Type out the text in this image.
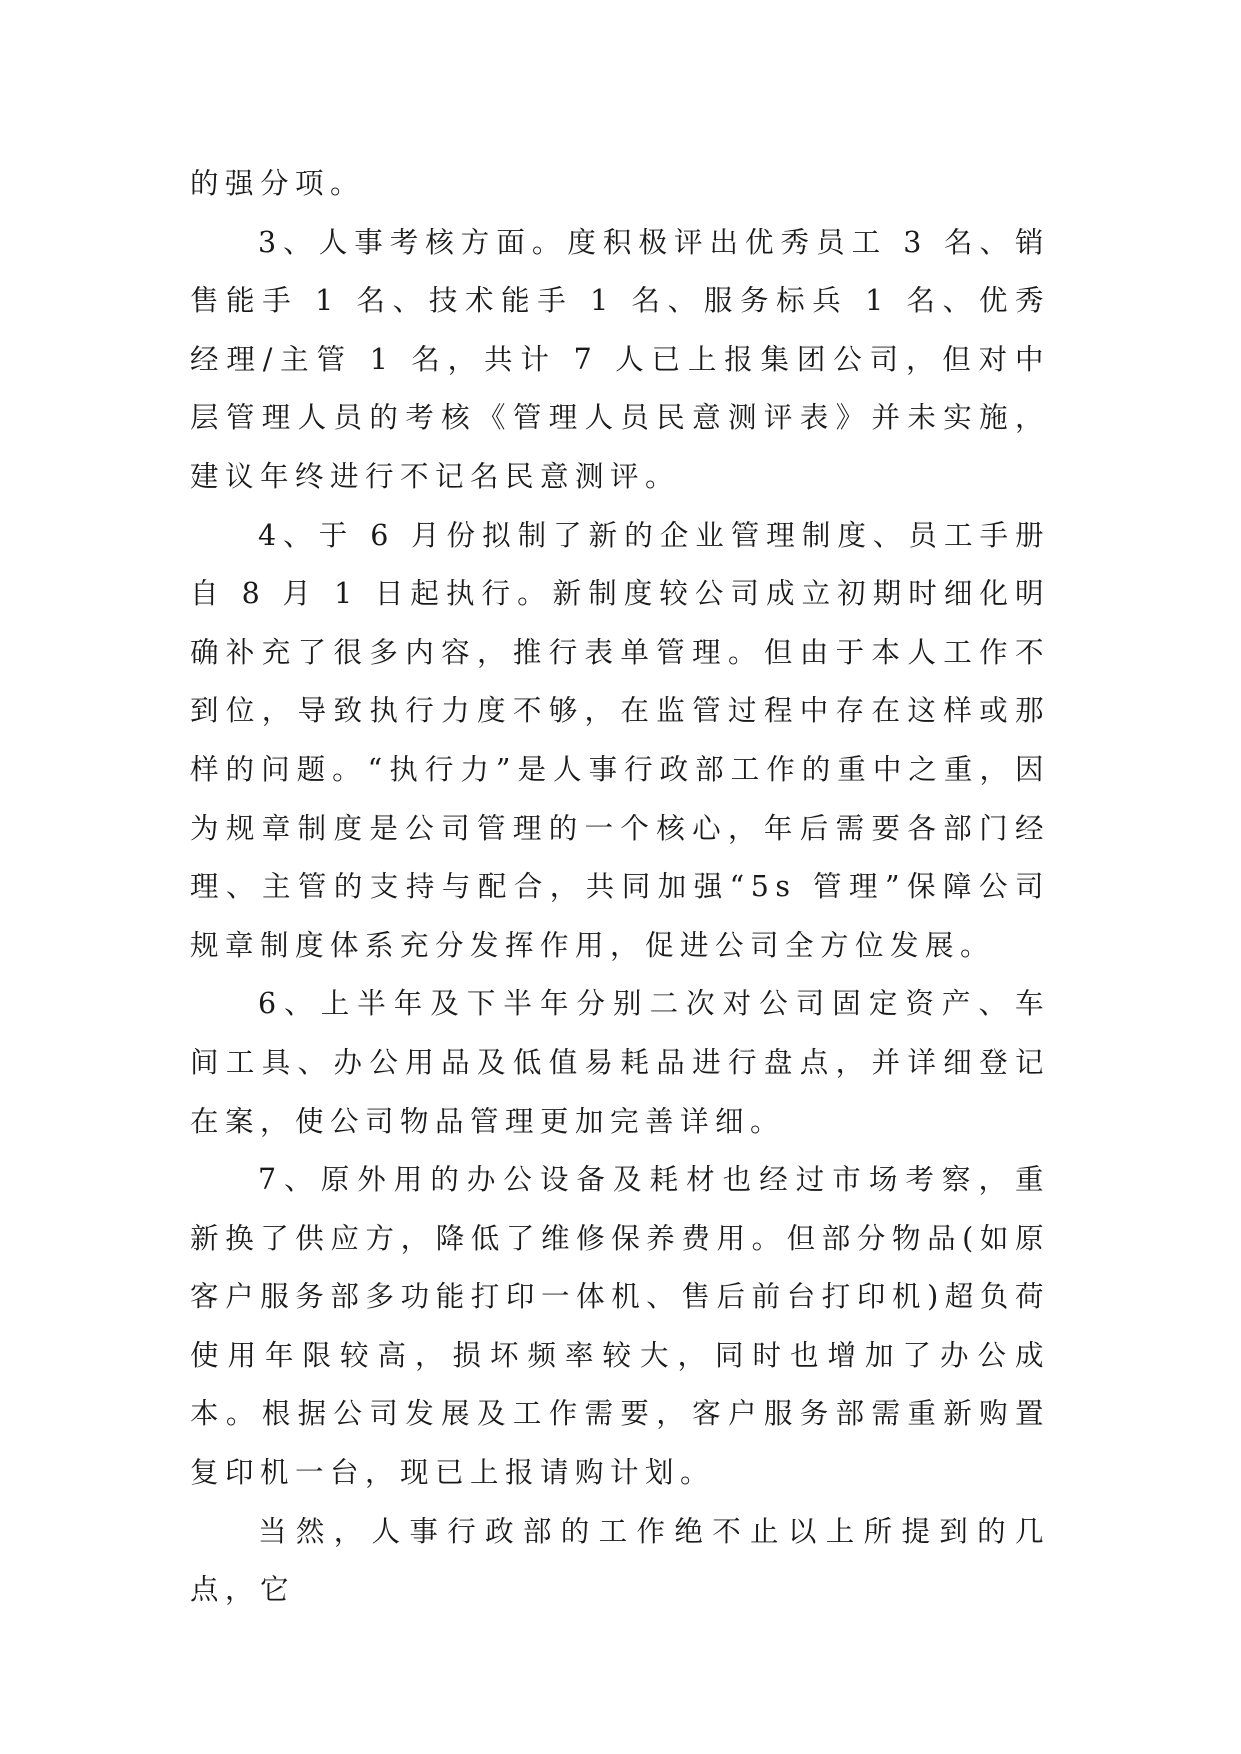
的强分项。

3、人事考核方面。度积极评出优秀员工 3 名、销售能手 1 名、技术能手 1 名、服务标兵 1 名、优秀经理/主管 1 名，共计 7 人已上报集团公司，但对中层管理人员的考核《管理人员民意测评表》并未实施，建议年终进行不记名民意测评。

4、于 6 月份拟制了新的企业管理制度、员工手册自 8 月 1 日起执行。新制度较公司成立初期时细化明确补充了很多内容，推行表单管理。但由于本人工作不到位，导致执行力度不够，在监管过程中存在这样或那样的问题。“执行力”是人事行政部工作的重中之重，因为规章制度是公司管理的一个核心，年后需要各部门经理、主管的支持与配合，共同加强“5s 管理”保障公司规章制度体系充分发挥作用，促进公司全方位发展。

6、上半年及下半年分别二次对公司固定资产、车间工具、办公用品及低值易耗品进行盘点，并详细登记在案，使公司物品管理更加完善详细。

7、原外用的办公设备及耗材也经过市场考察，重新换了供应方，降低了维修保养费用。但部分物品(如原客户服务部多功能打印一体机、售后前台打印机)超负荷使用年限较高，损坏频率较大，同时也增加了办公成本。根据公司发展及工作需要，客户服务部需重新购置复印机一台，现已上报请购计划。

当然，人事行政部的工作绝不止以上所提到的几点，它
